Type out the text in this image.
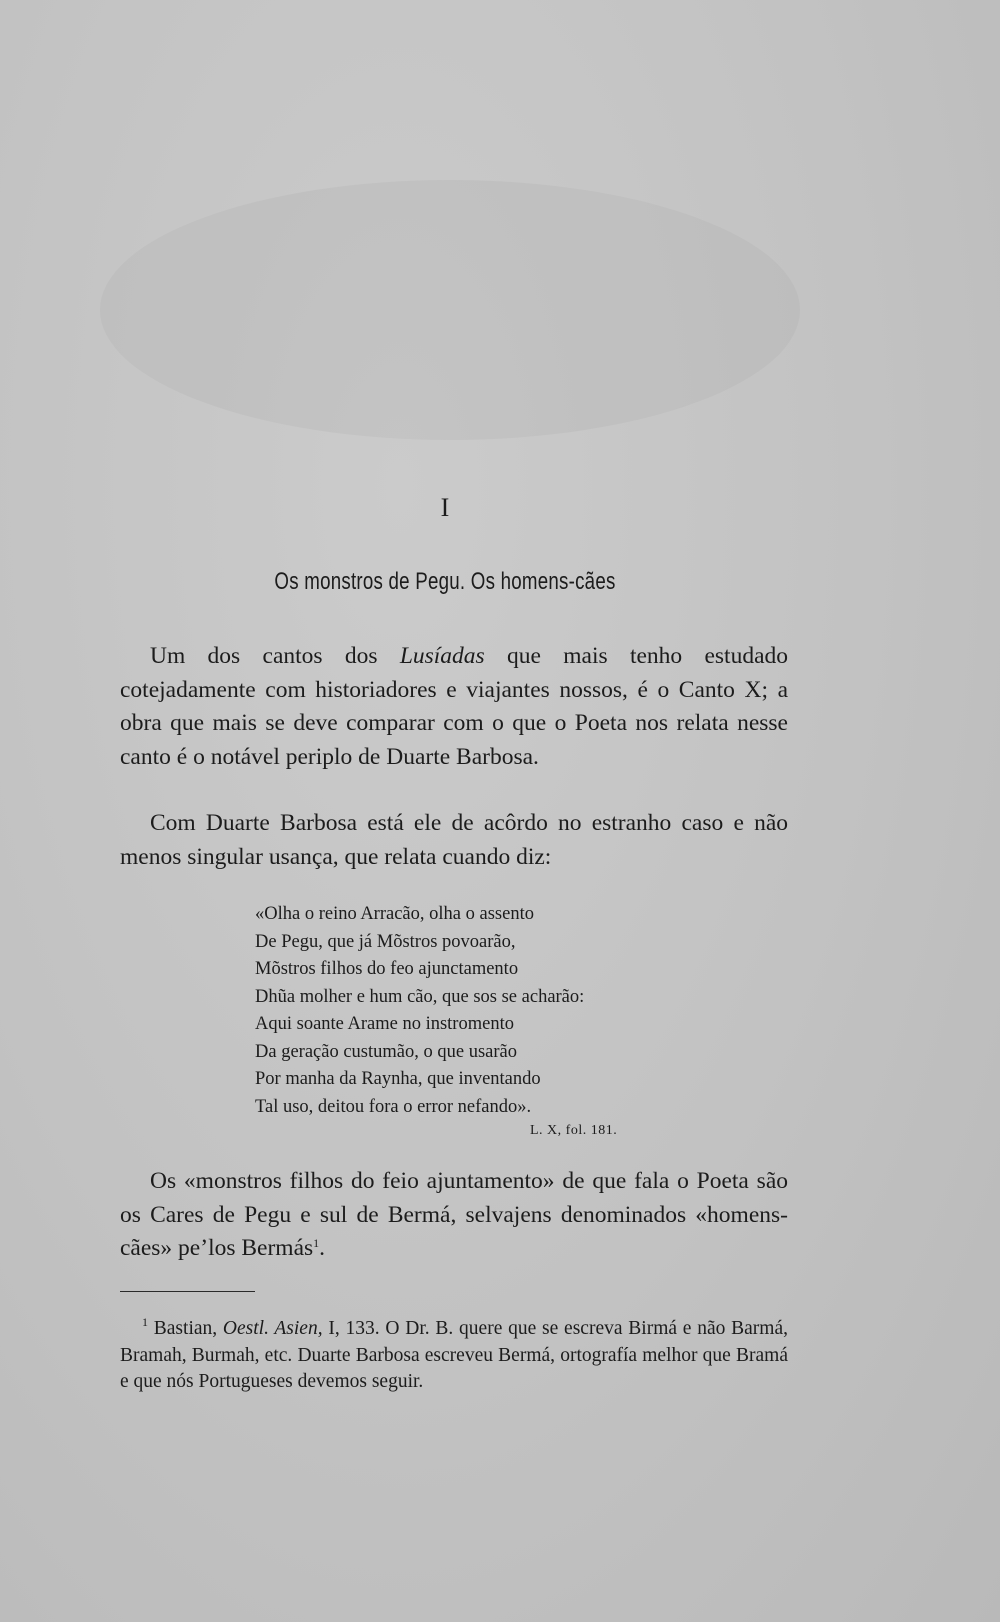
I
Os monstros de Pegu. Os homens-cães

Um dos cantos dos Lusíadas que mais tenho estudado cotejadamente com historiadores e viajantes nossos, é o Canto X; a obra que mais se deve comparar com o que o Poeta nos relata nesse canto é o notável periplo de Duarte Barbosa.

Com Duarte Barbosa está ele de acôrdo no estranho caso e não menos singular usança, que relata cuando diz:

«Olha o reino Arracão, olha o assento
De Pegu, que já Mõstros povoarão,
Mõstros filhos do feo ajunctamento
Dhũa molher e hum cão, que sos se acharão:
Aqui soante Arame no instromento
Da geração custumão, o que usarão
Por manha da Raynha, que inventando
Tal uso, deitou fora o error nefando».
L. X, fol. 181.

Os «monstros filhos do feio ajuntamento» de que fala o Poeta são os Cares de Pegu e sul de Bermá, selvajens denominados «homens-cães» pe’los Bermás$^1$.

$^1$ Bastian, Oestl. Asien, I, 133. O Dr. B. quere que se escreva Birmá e não Barmá, Bramah, Burmah, etc. Duarte Barbosa escreveu Bermá, ortografía melhor que Bramá e que nós Portugueses devemos seguir.
